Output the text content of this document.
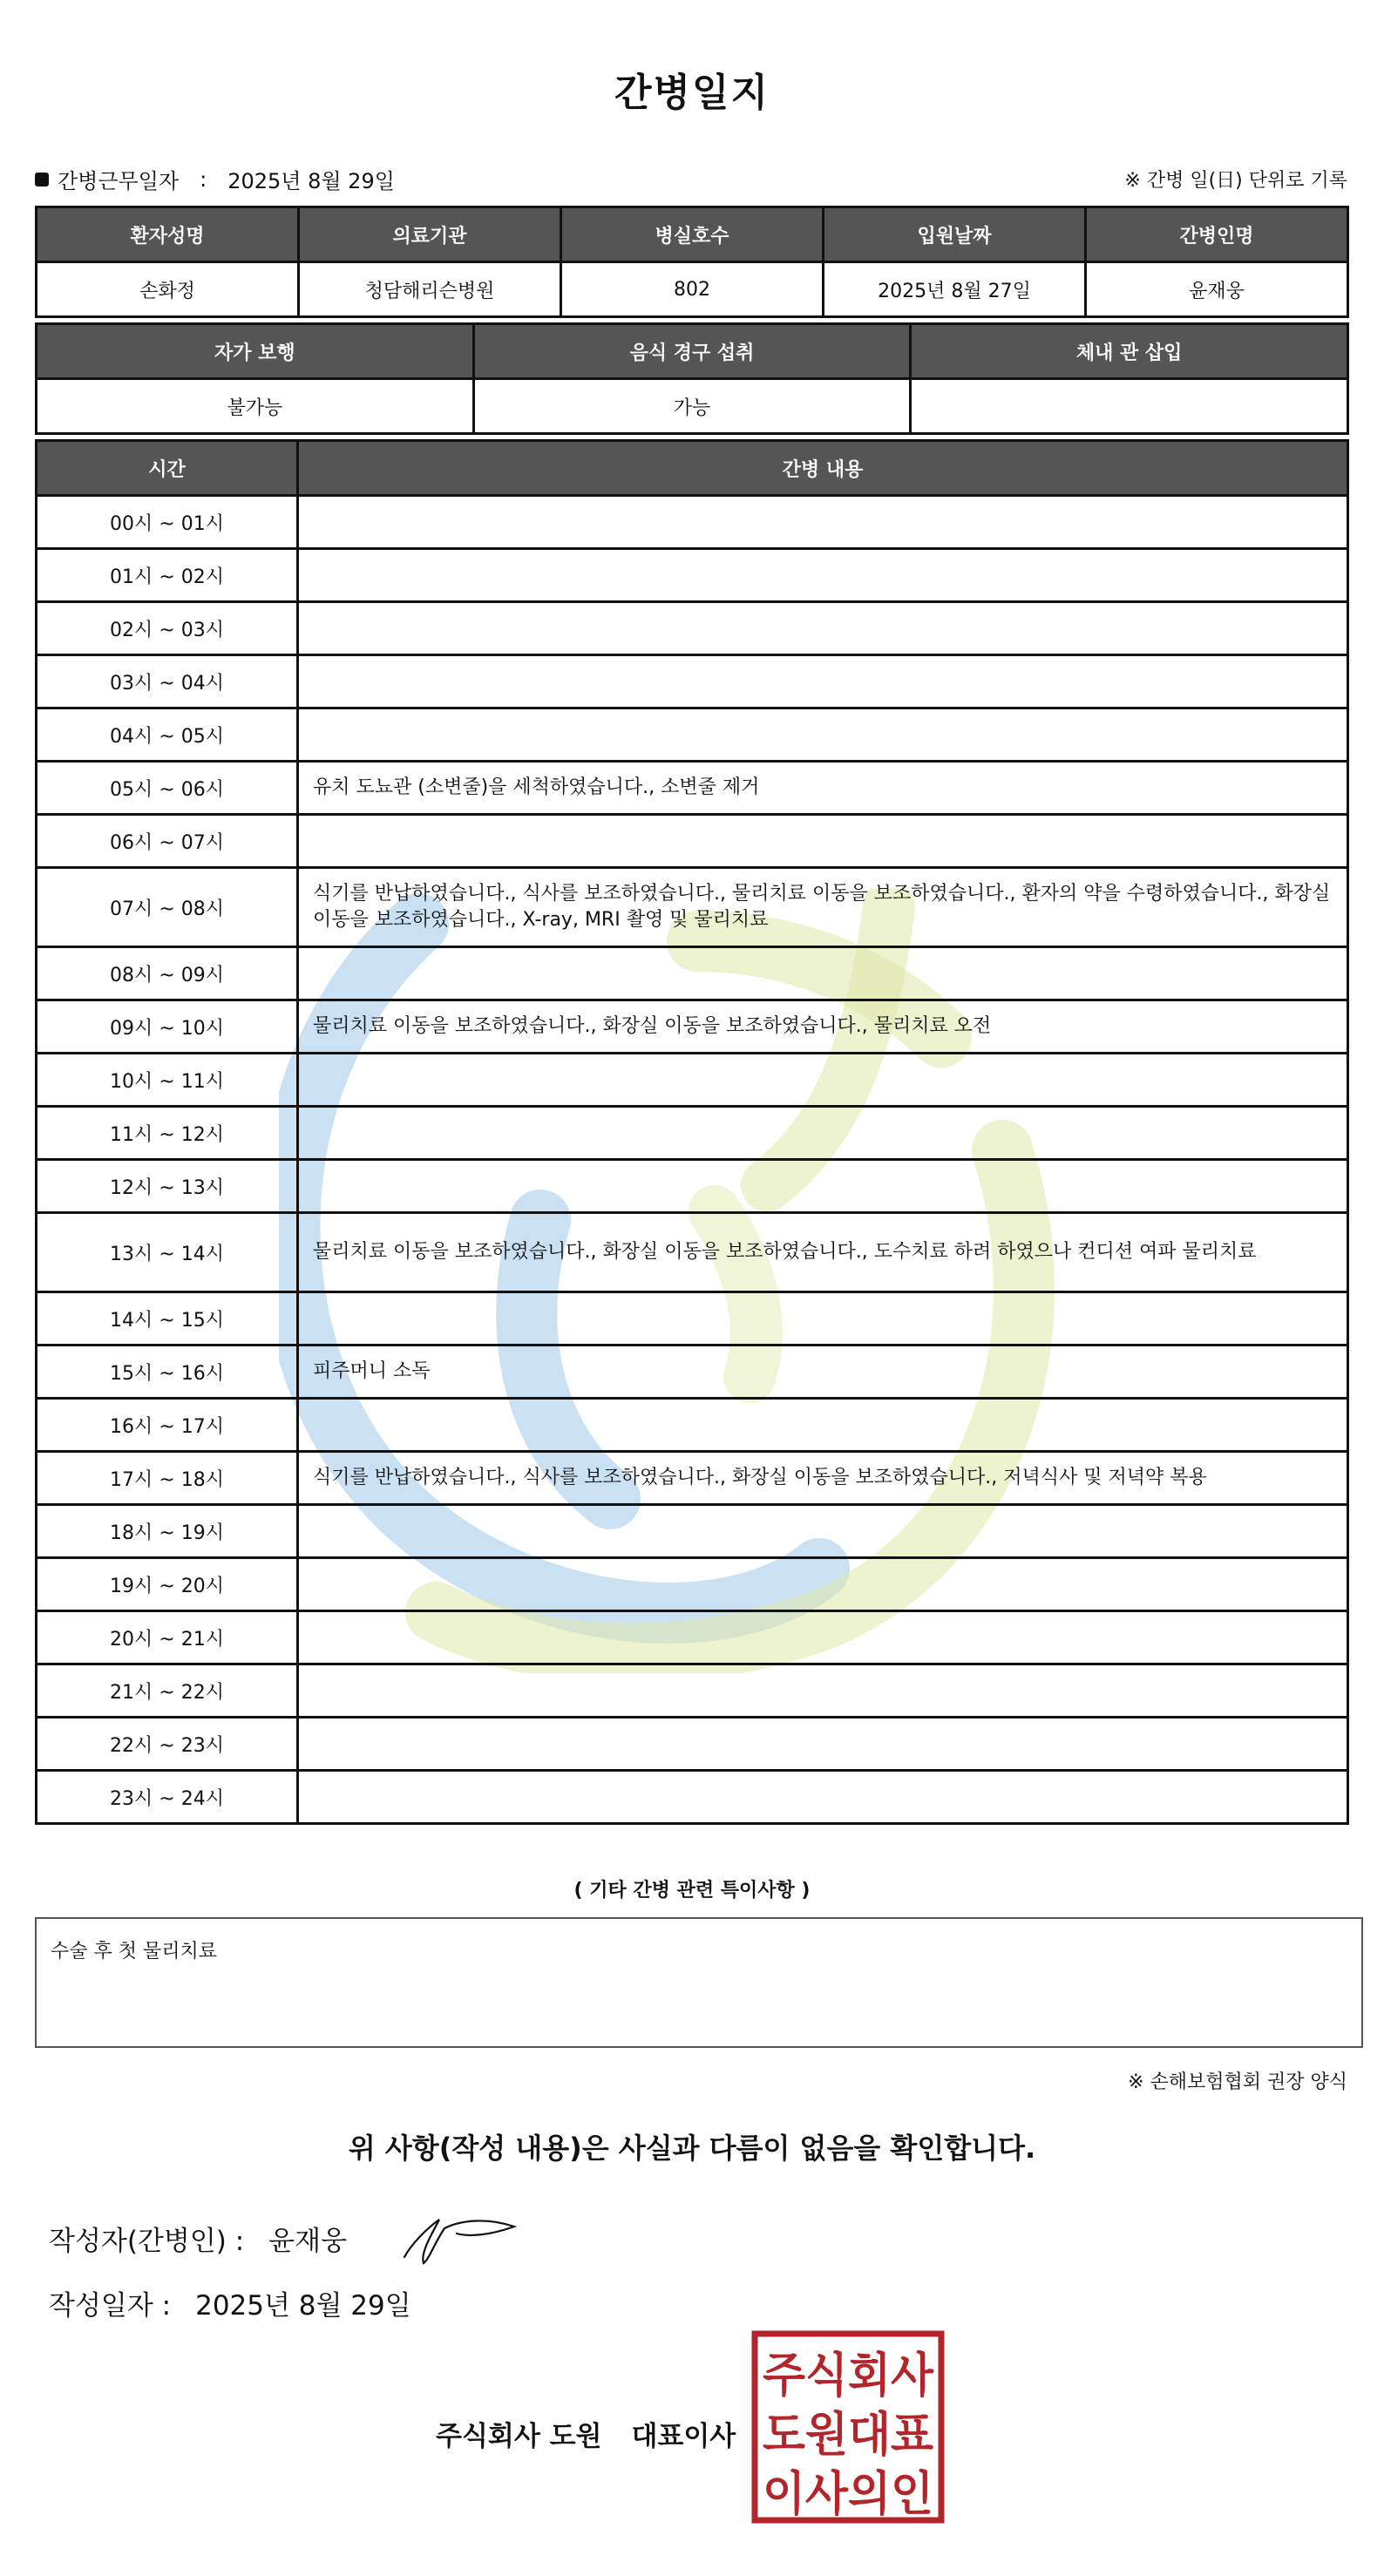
간병일지
간병근무일자 : 2025년 8월 29일	※ 간병 일(日) 단위로 기록
환자성명	의료기관	병실호수	입원날짜	간병인명
손화정	청담해리슨병원	802	2025년 8월 27일	윤재웅
자가 보행	음식 경구 섭취	체내 관 삽입
불가능	가능	
시간	간병 내용
00시 ~ 01시	
01시 ~ 02시	
02시 ~ 03시	
03시 ~ 04시	
04시 ~ 05시	
05시 ~ 06시	유치 도뇨관 (소변줄)을 세척하였습니다., 소변줄 제거
06시 ~ 07시	
07시 ~ 08시	식기를 반납하였습니다., 식사를 보조하였습니다., 물리치료 이동을 보조하였습니다., 환자의 약을 수령하였습니다., 화장실 이동을 보조하였습니다., X-ray, MRI 촬영 및 물리치료
08시 ~ 09시	
09시 ~ 10시	물리치료 이동을 보조하였습니다., 화장실 이동을 보조하였습니다., 물리치료 오전
10시 ~ 11시	
11시 ~ 12시	
12시 ~ 13시	
13시 ~ 14시	물리치료 이동을 보조하였습니다., 화장실 이동을 보조하였습니다., 도수치료 하려 하였으나 컨디션 여파 물리치료
14시 ~ 15시	
15시 ~ 16시	피주머니 소독
16시 ~ 17시	
17시 ~ 18시	식기를 반납하였습니다., 식사를 보조하였습니다., 화장실 이동을 보조하였습니다., 저녁식사 및 저녁약 복용
18시 ~ 19시	
19시 ~ 20시	
20시 ~ 21시	
21시 ~ 22시	
22시 ~ 23시	
23시 ~ 24시	
( 기타 간병 관련 특이사항 )
수술 후 첫 물리치료
※ 손해보험협회 권장 양식
위 사항(작성 내용)은 사실과 다름이 없음을 확인합니다.
작성자(간병인) : 윤재웅
작성일자 : 2025년 8월 29일
주식회사 도원 대표이사
주식회사
도원대표
이사의인
